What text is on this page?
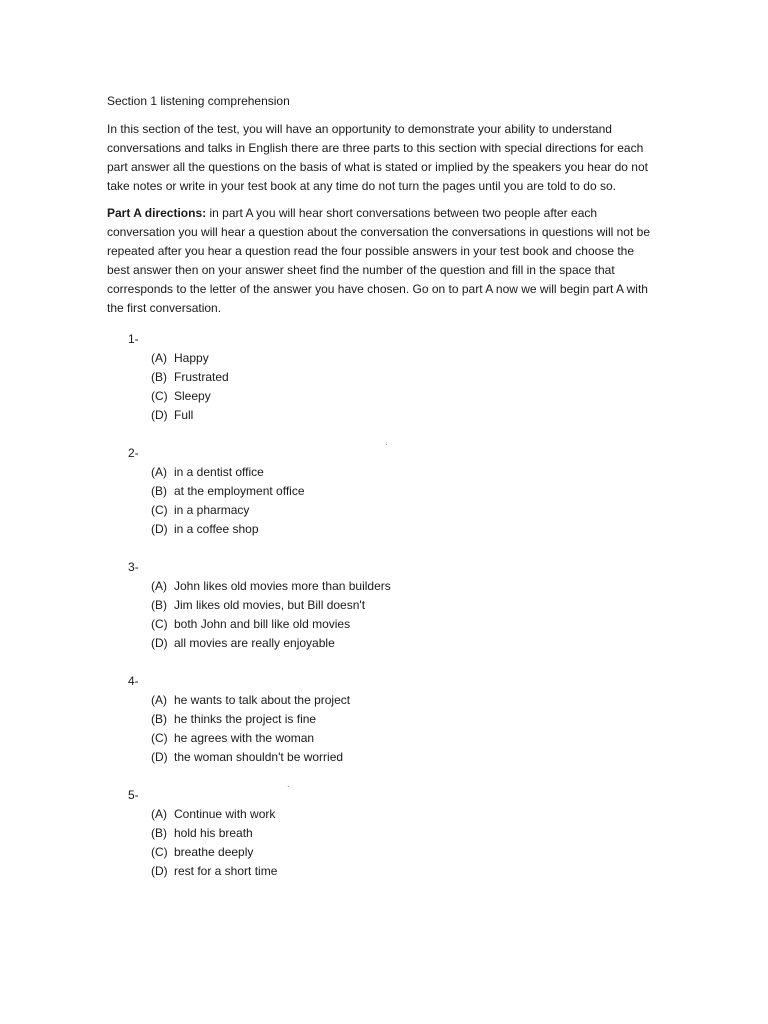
Section 1 listening comprehension

In this section of the test, you will have an opportunity to demonstrate your ability to understand conversations and talks in English there are three parts to this section with special directions for each part answer all the questions on the basis of what is stated or implied by the speakers you hear do not take notes or write in your test book at any time do not turn the pages until you are told to do so.

Part A directions: in part A you will hear short conversations between two people after each conversation you will hear a question about the conversation the conversations in questions will not be repeated after you hear a question read the four possible answers in your test book and choose the best answer then on your answer sheet find the number of the question and fill in the space that corresponds to the letter of the answer you have chosen. Go on to part A now we will begin part A with the first conversation.

1-
(A) Happy
(B) Frustrated
(C) Sleepy
(D) Full
2-	ˋ
(A) in a dentist office
(B) at the employment office
(C) in a pharmacy
(D) in a coffee shop
3-
(A) John likes old movies more than builders
(B) Jim likes old movies, but Bill doesn't
(C) both John and bill like old movies
(D) all movies are really enjoyable
4-
(A) he wants to talk about the project
(B) he thinks the project is fine
(C) he agrees with the woman
(D) the woman shouldn't be worried
5-	ˋ
(A) Continue with work
(B) hold his breath
(C) breathe deeply
(D) rest for a short time
